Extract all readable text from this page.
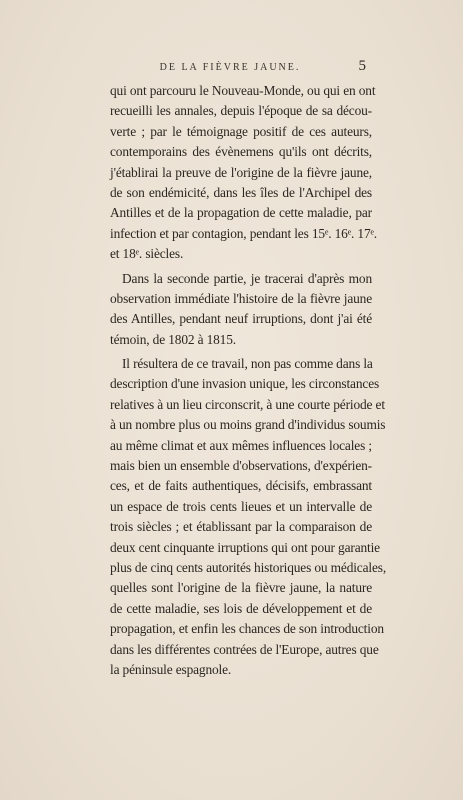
DE LA FIÈVRE JAUNE.	5
qui ont parcouru le Nouveau-Monde, ou qui en ont
recueilli les annales, depuis l'époque de sa décou-
verte ; par le témoignage positif de ces auteurs,
contemporains des évènemens qu'ils ont décrits,
j'établirai la preuve de l'origine de la fièvre jaune,
de son endémicité, dans les îles de l'Archipel des
Antilles et de la propagation de cette maladie, par
infection et par contagion, pendant les 15ᵉ. 16ᵉ. 17ᵉ.
et 18ᵉ. siècles.
Dans la seconde partie, je tracerai d'après mon
observation immédiate l'histoire de la fièvre jaune
des Antilles, pendant neuf irruptions, dont j'ai été
témoin, de 1802 à 1815.
Il résultera de ce travail, non pas comme dans la
description d'une invasion unique, les circonstances
relatives à un lieu circonscrit, à une courte période et
à un nombre plus ou moins grand d'individus soumis
au même climat et aux mêmes influences locales ;
mais bien un ensemble d'observations, d'expérien-
ces, et de faits authentiques, décisifs, embrassant
un espace de trois cents lieues et un intervalle de
trois siècles ; et établissant par la comparaison de
deux cent cinquante irruptions qui ont pour garantie
plus de cinq cents autorités historiques ou médicales,
quelles sont l'origine de la fièvre jaune, la nature
de cette maladie, ses lois de développement et de
propagation, et enfin les chances de son introduction
dans les différentes contrées de l'Europe, autres que
la péninsule espagnole.
